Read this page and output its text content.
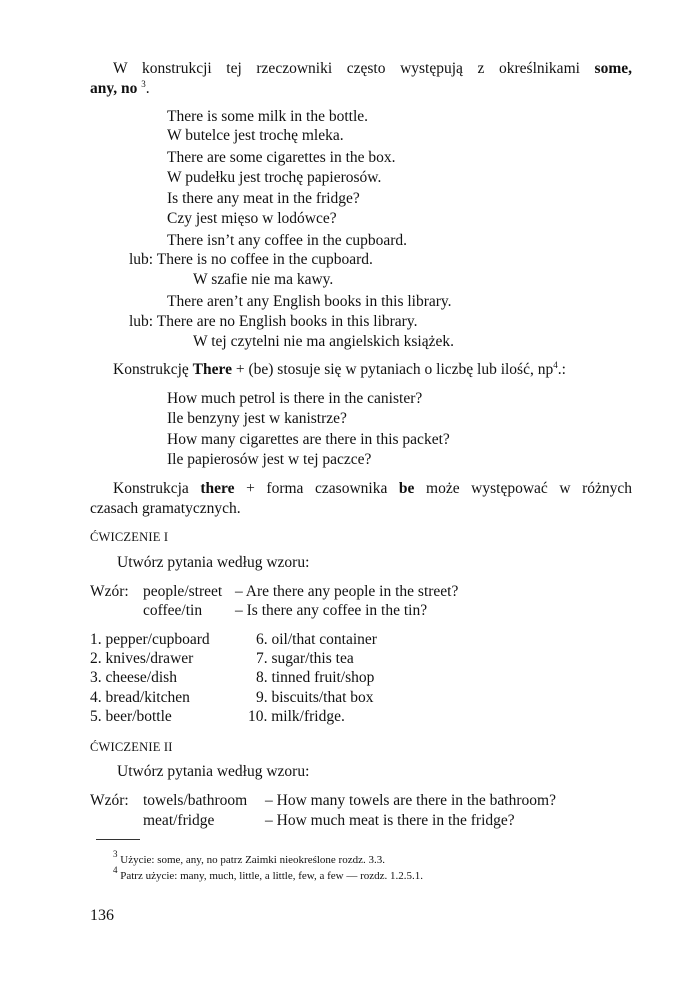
W konstrukcji tej rzeczowniki często występują z określnikami some,
any, no $^3$.
There is some milk in the bottle.
W butelce jest trochę mleka.
There are some cigarettes in the box.
W pudełku jest trochę papierosów.
Is there any meat in the fridge?
Czy jest mięso w lodówce?
There isn’t any coffee in the cupboard.
lub: There is no coffee in the cupboard.
W szafie nie ma kawy.
There aren’t any English books in this library.
lub: There are no English books in this library.
W tej czytelni nie ma angielskich książek.
Konstrukcję There + (be) stosuje się w pytaniach o liczbę lub ilość, $np^4$.:
How much petrol is there in the canister?
Ile benzyny jest w kanistrze?
How many cigarettes are there in this packet?
Ile papierosów jest w tej paczce?
Konstrukcja there + forma czasownika be może występować w różnych
czasach gramatycznych.
ĆWICZENIE I
Utwórz pytania według wzoru:
Wzór: people/street – Are there any people in the street?
coffee/tin – Is there any coffee in the tin?
1. pepper/cupboard
2. knives/drawer
3. cheese/dish
4. bread/kitchen
5. beer/bottle
6. oil/that container
7. sugar/this tea
8. tinned fruit/shop
9. biscuits/that box
10. milk/fridge.
ĆWICZENIE II
Utwórz pytania według wzoru:
Wzór: towels/bathroom – How many towels are there in the bathroom?
meat/fridge	– How much meat is there in the fridge?
$^3$ Użycie: some, any, no patrz Zaimki nieokreślone rozdz. 3.3.
$^4$ Patrz użycie: many, much, little, a little, few, a few — rozdz. 1.2.5.1.
136
